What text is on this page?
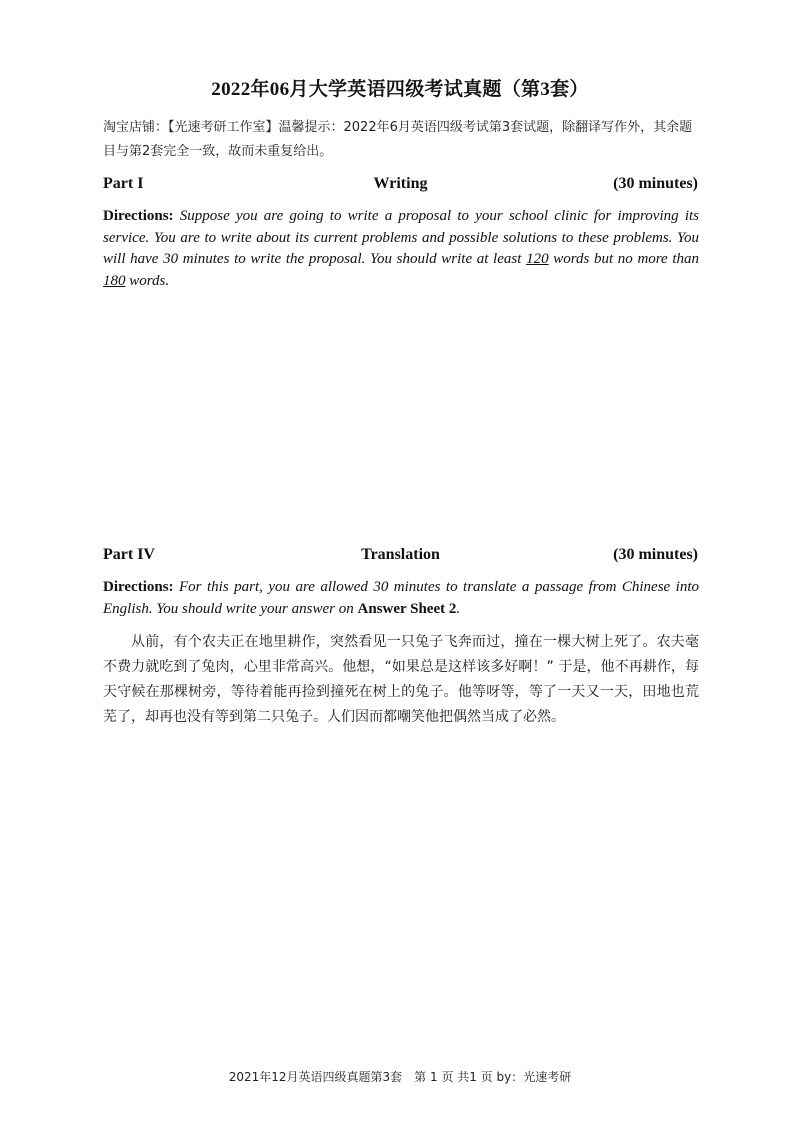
2022年06月大学英语四级考试真题（第3套）
淘宝店铺：【光速考研工作室】温馨提示：2022年6月英语四级考试第3套试题，除翻译写作外，其余题目与第2套完全一致，故而未重复给出。
Part I	Writing	(30 minutes)
Directions: Suppose you are going to write a proposal to your school clinic for improving its service. You are to write about its current problems and possible solutions to these problems. You will have 30 minutes to write the proposal. You should write at least 120 words but no more than 180 words.
Part IV	Translation	(30 minutes)
Directions: For this part, you are allowed 30 minutes to translate a passage from Chinese into English. You should write your answer on Answer Sheet 2.
从前，有个农夫正在地里耕作，突然看见一只兔子飞奔而过，撞在一棵大树上死了。农夫毫不费力就吃到了兔肉，心里非常高兴。他想，“如果总是这样该多好啊！” 于是，他不再耕作，每天守候在那棵树旁，等待着能再捡到撞死在树上的兔子。他等呀等，等了一天又一天，田地也荒芜了，却再也没有等到第二只兔子。人们因而都嘲笑他把偶然当成了必然。
2021年12月英语四级真题第3套　第 1 页 共1 页 by：光速考研
